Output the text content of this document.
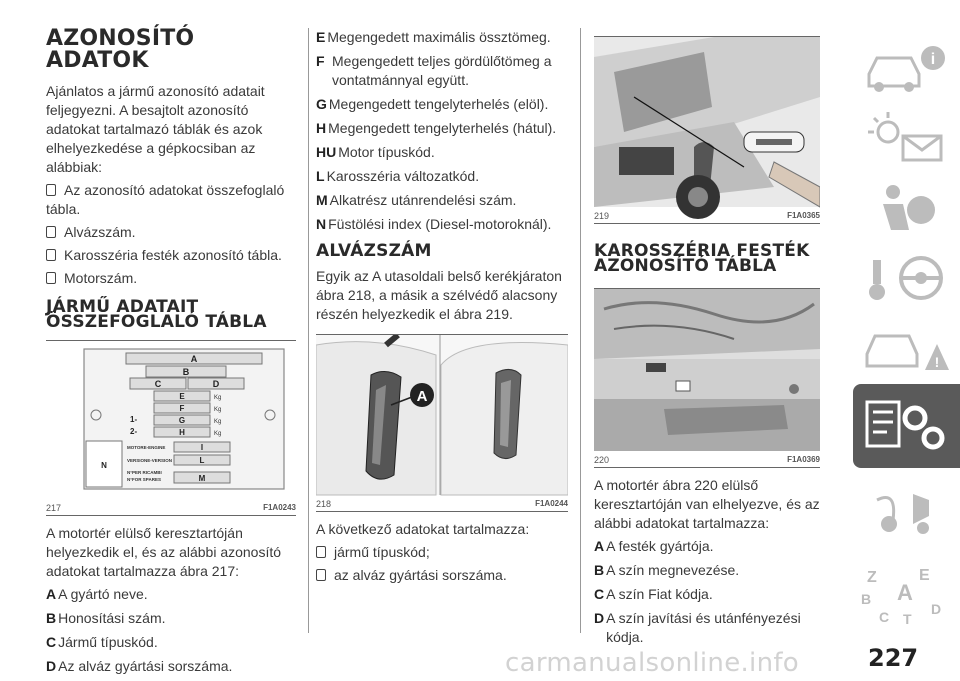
AZONOSÍTÓ ADATOK

Ajánlatos a jármű azonosító adatait feljegyezni. A besajtolt azonosító adatokat tartalmazó táblák és azok elhelyezkedése a gépkocsiban az alábbiak:

Az azonosító adatokat összefoglaló tábla.
Alvázszám.
Karosszéria festék azonosító tábla.
Motorszám.
JÁRMŰ ADATAIT ÖSSZEFOGLALÓ TÁBLA
A
B
C	D
E	Kg
F	Kg
1-	G	Kg
2-	H	Kg
MOTORE-ENGINE	I
VERSIONE-VERSION	L
N°PER RICAMBI
N°FOR SPARES	M
N
217	F1A0243

A motortér elülső keresztartóján helyezkedik el, és az alábbi azonosító adatokat tartalmazza ábra 217:

A A gyártó neve.
B Honosítási szám.
C Jármű típuskód.
D Az alváz gyártási sorszáma.
E Megengedett maximális össztömeg.
F Megengedett teljes gördülőtömeg a vontatmánnyal együtt.
G Megengedett tengelyterhelés (elöl).
H Megengedett tengelyterhelés (hátul).
HU Motor típuskód.
L Karosszéria változatkód.
M Alkatrész utánrendelési szám.
N Füstölési index (Diesel-motoroknál).
ALVÁZSZÁM

Egyik az A utasoldali belső kerékjáraton ábra 218, a másik a szélvédő alacsony részén helyezkedik el ábra 219.

A
218	F1A0244

A következő adatokat tartalmazza:

jármű típuskód;
az alváz gyártási sorszáma.
219	F1A0365
KAROSSZÉRIA FESTÉK AZONOSÍTÓ TÁBLA
220	F1A0369

A motortér ábra 220 elülső keresztartóján van elhelyezve, és az alábbi adatokat tartalmazza:

A A festék gyártója.
B A szín megnevezése.
C A szín Fiat kódja.
D A szín javítási és utánfényezési kódja.
i
!
Z	E
B A
C T
D
carmanualsonline.info	227
